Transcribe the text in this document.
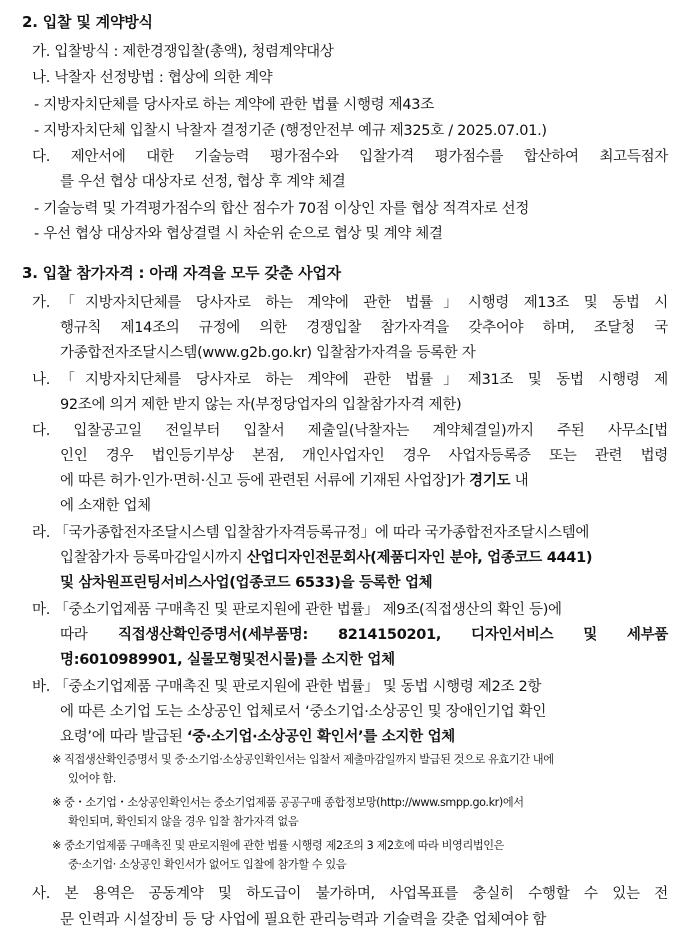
2. 입찰 및 계약방식
가. 입찰방식 : 제한경쟁입찰(총액), 청렴계약대상
나. 낙찰자 선정방법 : 협상에 의한 계약
- 지방자치단체를 당사자로 하는 계약에 관한 법률 시행령 제43조
- 지방자치단체 입찰시 낙찰자 결정기준 (행정안전부 예규 제325호 / 2025.07.01.)
다. 제안서에 대한 기술능력 평가점수와 입찰가격 평가점수를 합산하여 최고득점자
를 우선 협상 대상자로 선정, 협상 후 계약 체결
- 기술능력 및 가격평가점수의 합산 점수가 70점 이상인 자를 협상 적격자로 선정
- 우선 협상 대상자와 협상결렬 시 차순위 순으로 협상 및 계약 체결
3. 입찰 참가자격 : 아래 자격을 모두 갖춘 사업자
가.「지방자치단체를 당사자로 하는 계약에 관한 법률」시행령 제13조 및 동법 시
행규칙 제14조의 규정에 의한 경쟁입찰 참가자격을 갖추어야 하며, 조달청 국
가종합전자조달시스템(www.g2b.go.kr) 입찰참가자격을 등록한 자
나.「지방자치단체를 당사자로 하는 계약에 관한 법률」제31조 및 동법 시행령 제
92조에 의거 제한 받지 않는 자(부정당업자의 입찰참가자격 제한)
다. 입찰공고일 전일부터 입찰서 제출일(낙찰자는 계약체결일)까지 주된 사무소[법
인인 경우 법인등기부상 본점, 개인사업자인 경우 사업자등록증 또는 관련 법령
에 따른 허가·인가·면허·신고 등에 관련된 서류에 기재된 사업장]가 경기도 내
에 소재한 업체
라. 「국가종합전자조달시스템 입찰참가자격등록규정」에 따라 국가종합전자조달시스템에
입찰참가자 등록마감일시까지 산업디자인전문회사(제품디자인 분야, 업종코드 4441)
및 삼차원프린팅서비스사업(업종코드 6533)을 등록한 업체
마. 「중소기업제품 구매촉진 및 판로지원에 관한 법률」 제9조(직접생산의 확인 등)에
따라 직접생산확인증명서(세부품명: 8214150201, 디자인서비스 및 세부품
명:6010989901, 실물모형및전시물)를 소지한 업체
바. 「중소기업제품 구매촉진 및 판로지원에 관한 법률」 및 동법 시행령 제2조 2항
에 따른 소기업 도는 소상공인 업체로서 ‘중소기업·소상공인 및 장애인기업 확인
요령’에 따라 발급된 ‘중·소기업·소상공인 확인서’를 소지한 업체
※ 직접생산확인증명서 및 중·소기업·소상공인확인서는 입찰서 제출마감일까지 발급된 것으로 유효기간 내에
있어야 함.
※ 중・소기업・소상공인확인서는 중소기업제품 공공구매 종합정보망(http://www.smpp.go.kr)에서
확인되며, 확인되지 않을 경우 입찰 참가자격 없음
※ 중소기업제품 구매촉진 및 판로지원에 관한 법률 시행령 제2조의 3 제2호에 따라 비영리법인은
중·소기업· 소상공인 확인서가 없어도 입찰에 참가할 수 있음
사. 본 용역은 공동계약 및 하도급이 불가하며, 사업목표를 충실히 수행할 수 있는 전
문 인력과 시설장비 등 당 사업에 필요한 관리능력과 기술력을 갖춘 업체여야 함
